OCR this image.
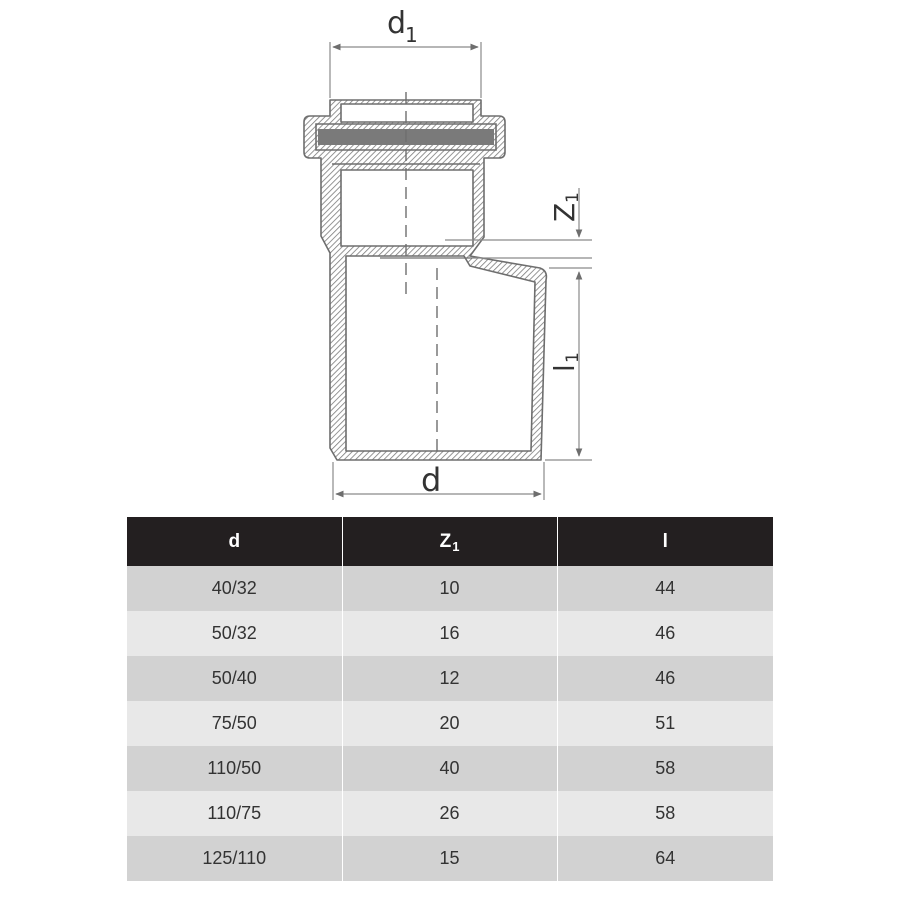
d
1
Z
1
l
1
d
d	$Z_1$	l
40/32	10	44
50/32	16	46
50/40	12	46
75/50	20	51
110/50	40	58
110/75	26	58
125/110	15	64
